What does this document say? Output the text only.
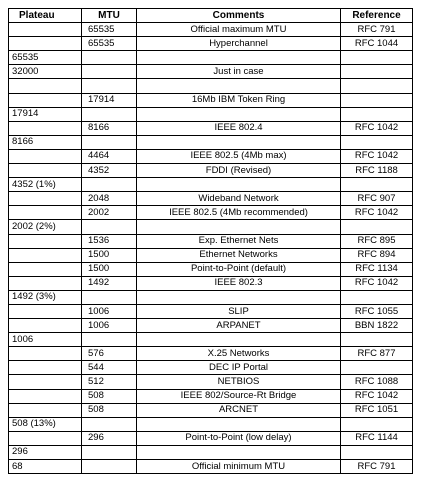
Plateau	MTU	Comments	Reference
	65535	Official maximum MTU	RFC 791
	65535	Hyperchannel	RFC 1044
65535			
32000		Just in case	

	17914	16Mb IBM Token Ring	
17914			
	8166	IEEE 802.4	RFC 1042
8166			
	4464	IEEE 802.5 (4Mb max)	RFC 1042
	4352	FDDI (Revised)	RFC 1188
4352 (1%)			
	2048	Wideband Network	RFC 907
	2002	IEEE 802.5 (4Mb recommended)	RFC 1042
2002 (2%)			
	1536	Exp. Ethernet Nets	RFC 895
	1500	Ethernet Networks	RFC 894
	1500	Point-to-Point (default)	RFC 1134
	1492	IEEE 802.3	RFC 1042
1492 (3%)			
	1006	SLIP	RFC 1055
	1006	ARPANET	BBN 1822
1006			
	576	X.25 Networks	RFC 877
	544	DEC IP Portal	
	512	NETBIOS	RFC 1088
	508	IEEE 802/Source-Rt Bridge	RFC 1042
	508	ARCNET	RFC 1051
508 (13%)			
	296	Point-to-Point (low delay)	RFC 1144
296			
68		Official minimum MTU	RFC 791
